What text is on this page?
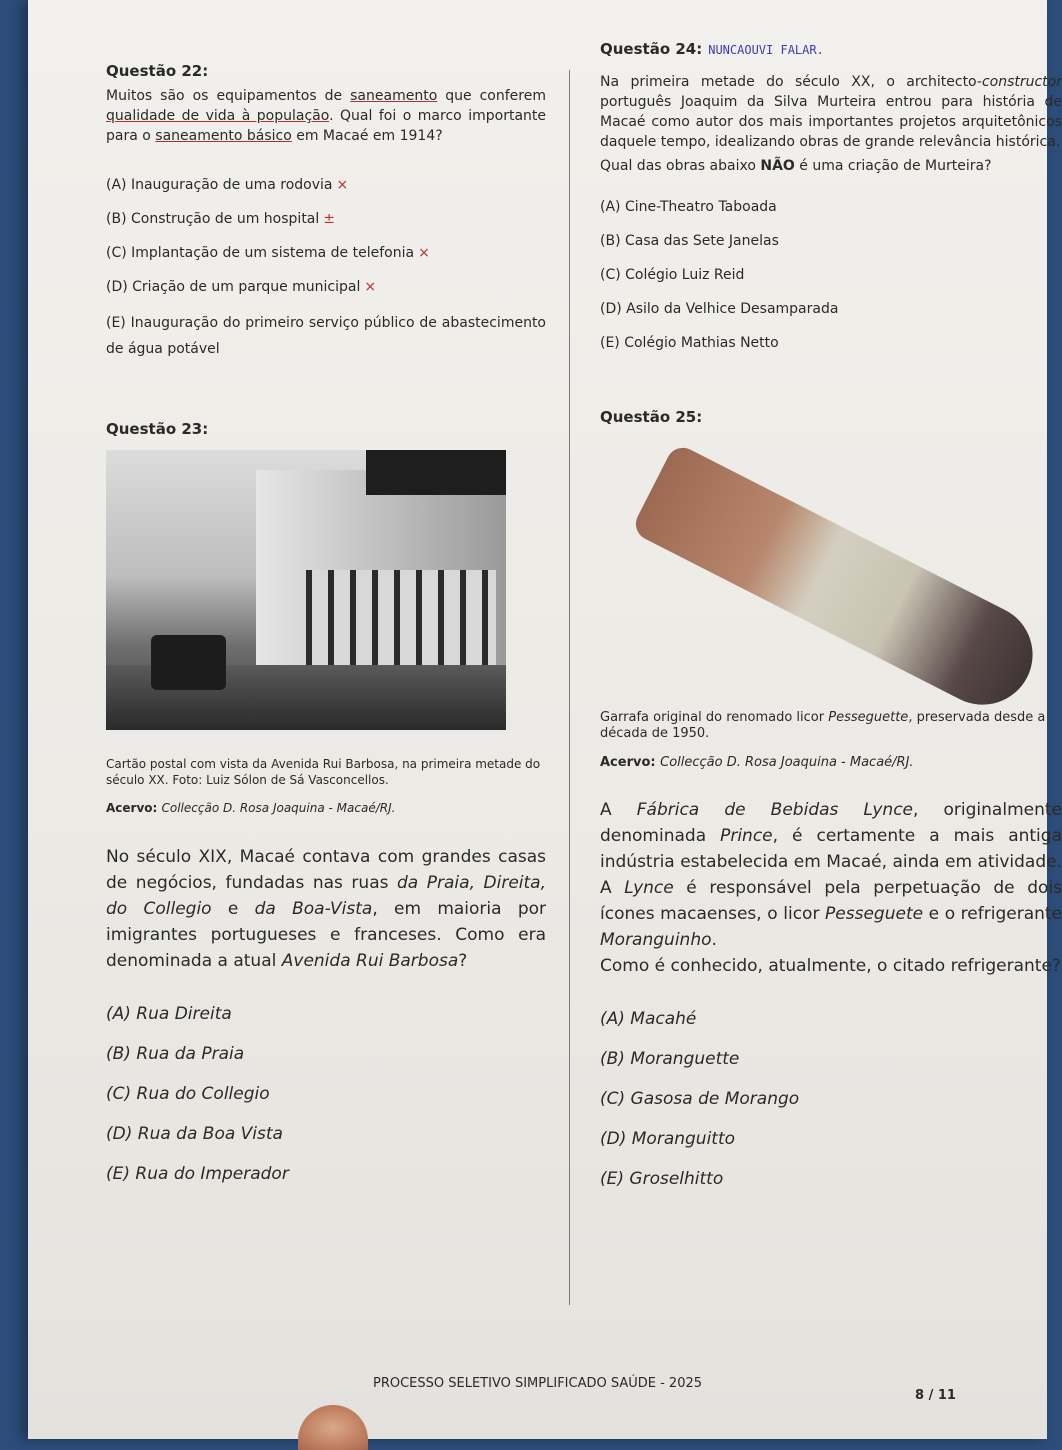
Questão 22:

Muitos são os equipamentos de saneamento que conferem qualidade de vida à população. Qual foi o marco importante para o saneamento básico em Macaé em 1914?

(A) Inauguração de uma rodovia ×

(B) Construção de um hospital ±

(C) Implantação de um sistema de telefonia ×

(D) Criação de um parque municipal ×

(E) Inauguração do primeiro serviço público de abastecimento de água potável

Questão 23:

Cartão postal com vista da Avenida Rui Barbosa, na primeira metade do século XX. Foto: Luiz Sólon de Sá Vasconcellos.

Acervo: Collecção D. Rosa Joaquina - Macaé/RJ.

No século XIX, Macaé contava com grandes casas de negócios, fundadas nas ruas da Praia, Direita, do Collegio e da Boa-Vista, em maioria por imigrantes portugueses e franceses. Como era denominada a atual Avenida Rui Barbosa?

(A) Rua Direita

(B) Rua da Praia

(C) Rua do Collegio

(D) Rua da Boa Vista

(E) Rua do Imperador

Questão 24: NUNCAOUVI FALAR.

Na primeira metade do século XX, o architecto-constructor português Joaquim da Silva Murteira entrou para história de Macaé como autor dos mais importantes projetos arquitetônicos daquele tempo, idealizando obras de grande relevância histórica.

Qual das obras abaixo NÃO é uma criação de Murteira?

(A) Cine-Theatro Taboada

(B) Casa das Sete Janelas

(C) Colégio Luiz Reid

(D) Asilo da Velhice Desamparada

(E) Colégio Mathias Netto

Questão 25:

Garrafa original do renomado licor Pesseguette, preservada desde a década de 1950.

Acervo: Collecção D. Rosa Joaquina - Macaé/RJ.

A Fábrica de Bebidas Lynce, originalmente denominada Prince, é certamente a mais antiga indústria estabelecida em Macaé, ainda em atividade. A Lynce é responsável pela perpetuação de dois ícones macaenses, o licor Pesseguete e o refrigerante Moranguinho.

Como é conhecido, atualmente, o citado refrigerante?

(A) Macahé

(B) Moranguette

(C) Gasosa de Morango

(D) Moranguitto

(E) Groselhitto

PROCESSO SELETIVO SIMPLIFICADO SAÚDE - 2025
8 / 11
